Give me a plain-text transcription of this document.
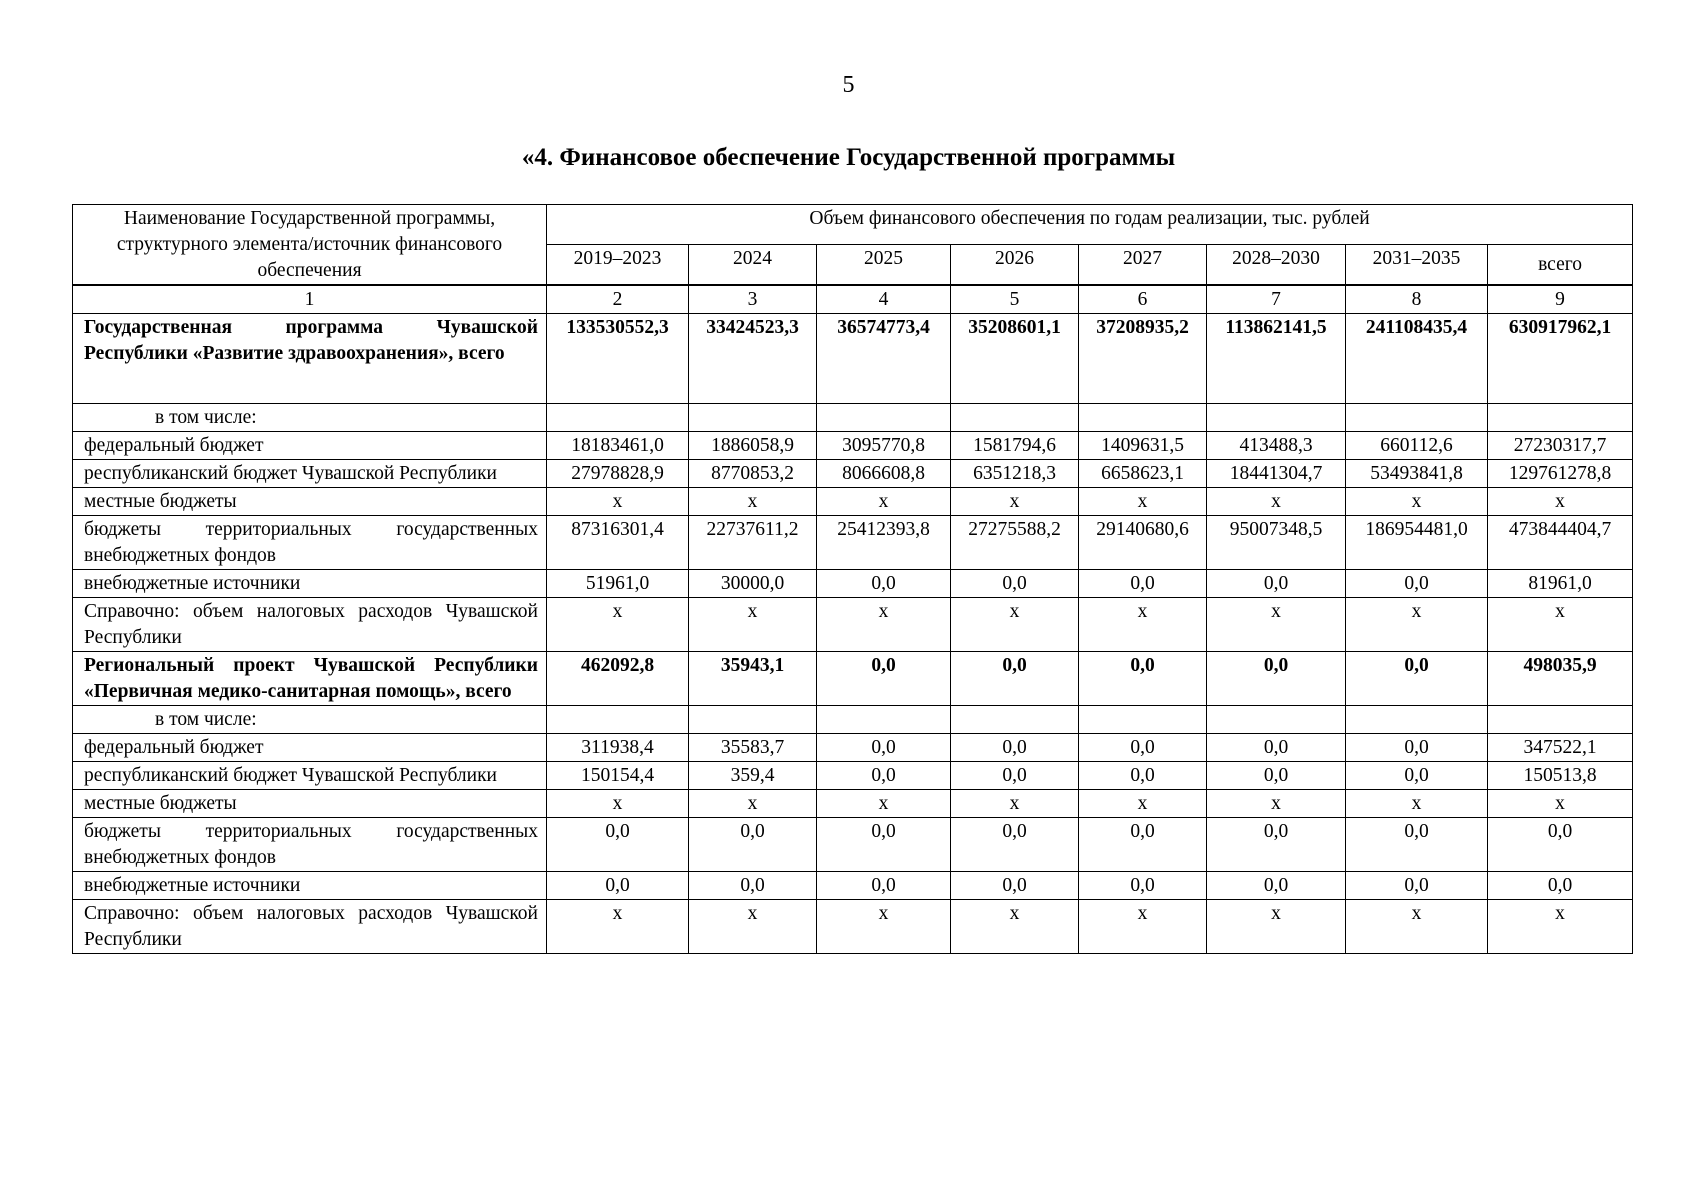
5
«4. Финансовое обеспечение Государственной программы
Наименование Государственной программы, структурного элемента/источник финансового обеспечения	Объем финансового обеспечения по годам реализации, тыс. рублей							
	2019–2023	2024	2025	2026	2027	2028–2030	2031–2035	всего
1	2	3	4	5	6	7	8	9
Государственная программа Чувашской Республики «Развитие здравоохранения», всего	133530552,3	33424523,3	36574773,4	35208601,1	37208935,2	113862141,5	241108435,4	630917962,1
в том числе:								
федеральный бюджет	18183461,0	1886058,9	3095770,8	1581794,6	1409631,5	413488,3	660112,6	27230317,7
республиканский бюджет Чувашской Республики	27978828,9	8770853,2	8066608,8	6351218,3	6658623,1	18441304,7	53493841,8	129761278,8
местные бюджеты	х	х	х	х	х	х	х	х
бюджеты территориальных государственных внебюджетных фондов	87316301,4	22737611,2	25412393,8	27275588,2	29140680,6	95007348,5	186954481,0	473844404,7
внебюджетные источники	51961,0	30000,0	0,0	0,0	0,0	0,0	0,0	81961,0
Справочно: объем налоговых расходов Чувашской Республики	х	х	х	х	х	х	х	х
Региональный проект Чувашской Республики «Первичная медико-санитарная помощь», всего	462092,8	35943,1	0,0	0,0	0,0	0,0	0,0	498035,9
в том числе:								
федеральный бюджет	311938,4	35583,7	0,0	0,0	0,0	0,0	0,0	347522,1
республиканский бюджет Чувашской Республики	150154,4	359,4	0,0	0,0	0,0	0,0	0,0	150513,8
местные бюджеты	х	х	х	х	х	х	х	х
бюджеты территориальных государственных внебюджетных фондов	0,0	0,0	0,0	0,0	0,0	0,0	0,0	0,0
внебюджетные источники	0,0	0,0	0,0	0,0	0,0	0,0	0,0	0,0
Справочно: объем налоговых расходов Чувашской Республики	х	х	х	х	х	х	х	х
